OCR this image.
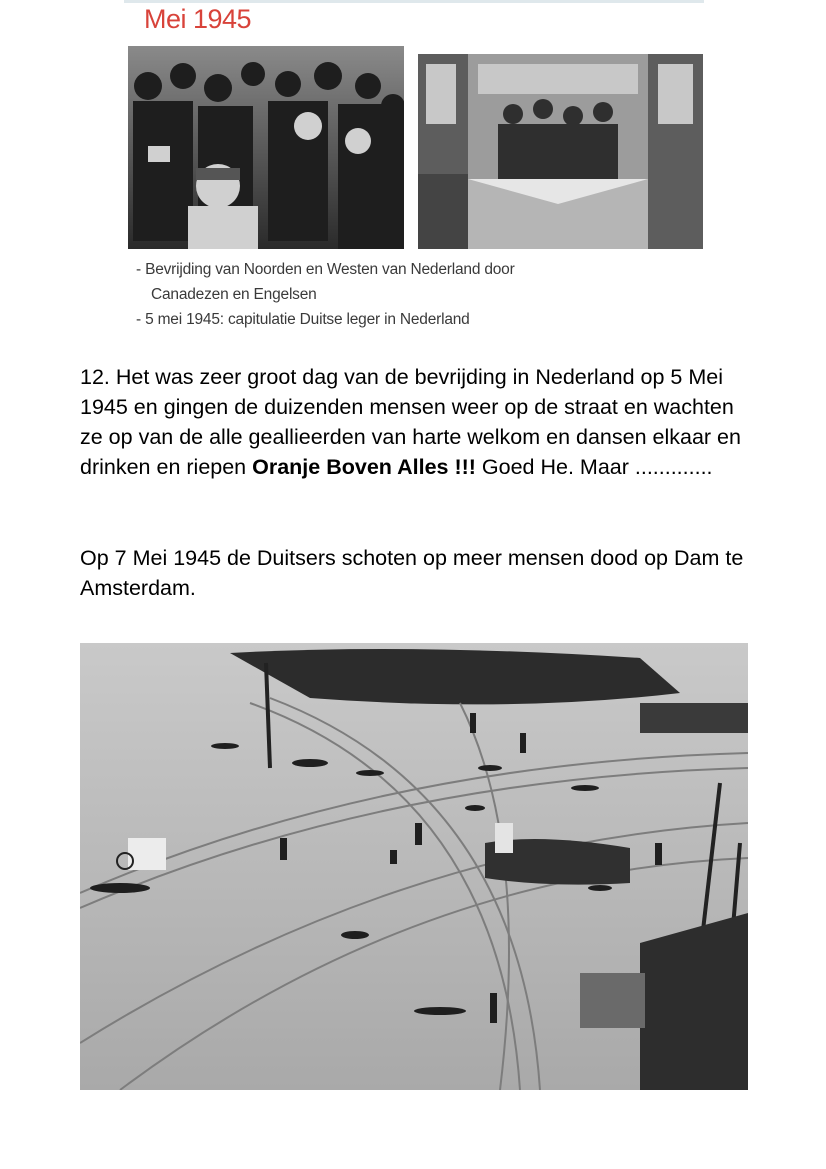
Mei 1945
- Bevrijding van Noorden en Westen van Nederland door
Canadezen en Engelsen
- 5 mei 1945: capitulatie Duitse leger in Nederland
12. Het was zeer groot dag van de bevrijding in Nederland op 5 Mei 1945 en gingen de duizenden mensen weer op de straat en wachten ze op van de alle geallieerden van harte welkom en dansen elkaar en drinken en riepen Oranje Boven Alles !!! Goed He. Maar .............
Op 7 Mei 1945 de Duitsers schoten op meer mensen dood op Dam te Amsterdam.
